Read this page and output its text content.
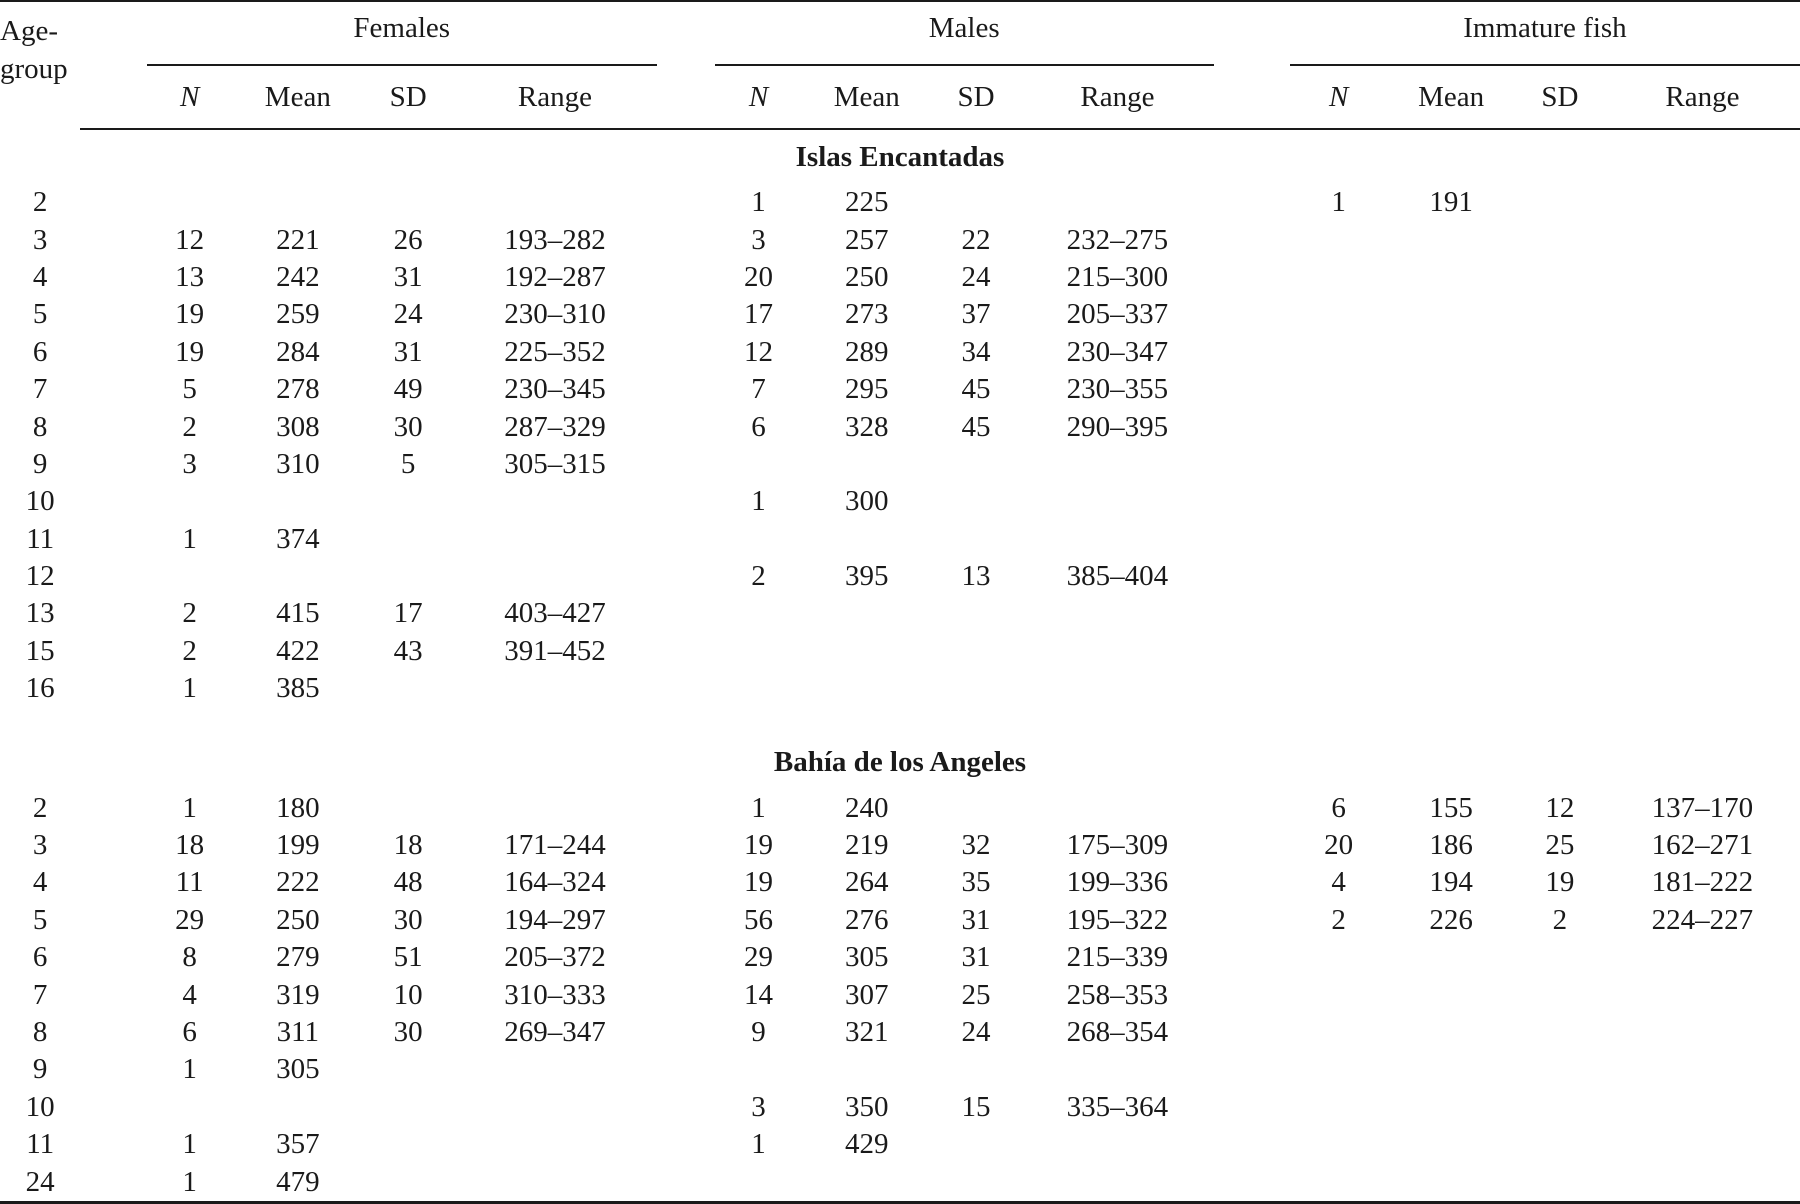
Age-
group		Females					Males					Immature fish			
		N	Mean	SD	Range		N	Mean	SD	Range		N	Mean	SD	Range
Islas Encantadas															
2							1	225				1	191		
3		12	221	26	193–282		3	257	22	232–275					
4		13	242	31	192–287		20	250	24	215–300					
5		19	259	24	230–310		17	273	37	205–337					
6		19	284	31	225–352		12	289	34	230–347					
7		5	278	49	230–345		7	295	45	230–355					
8		2	308	30	287–329		6	328	45	290–395					
9		3	310	5	305–315										
10							1	300							
11		1	374												
12							2	395	13	385–404					
13		2	415	17	403–427										
15		2	422	43	391–452										
16		1	385												
Bahía de los Angeles															
2		1	180				1	240				6	155	12	137–170
3		18	199	18	171–244		19	219	32	175–309		20	186	25	162–271
4		11	222	48	164–324		19	264	35	199–336		4	194	19	181–222
5		29	250	30	194–297		56	276	31	195–322		2	226	2	224–227
6		8	279	51	205–372		29	305	31	215–339					
7		4	319	10	310–333		14	307	25	258–353					
8		6	311	30	269–347		9	321	24	268–354					
9		1	305												
10							3	350	15	335–364					
11		1	357				1	429							
24		1	479												
